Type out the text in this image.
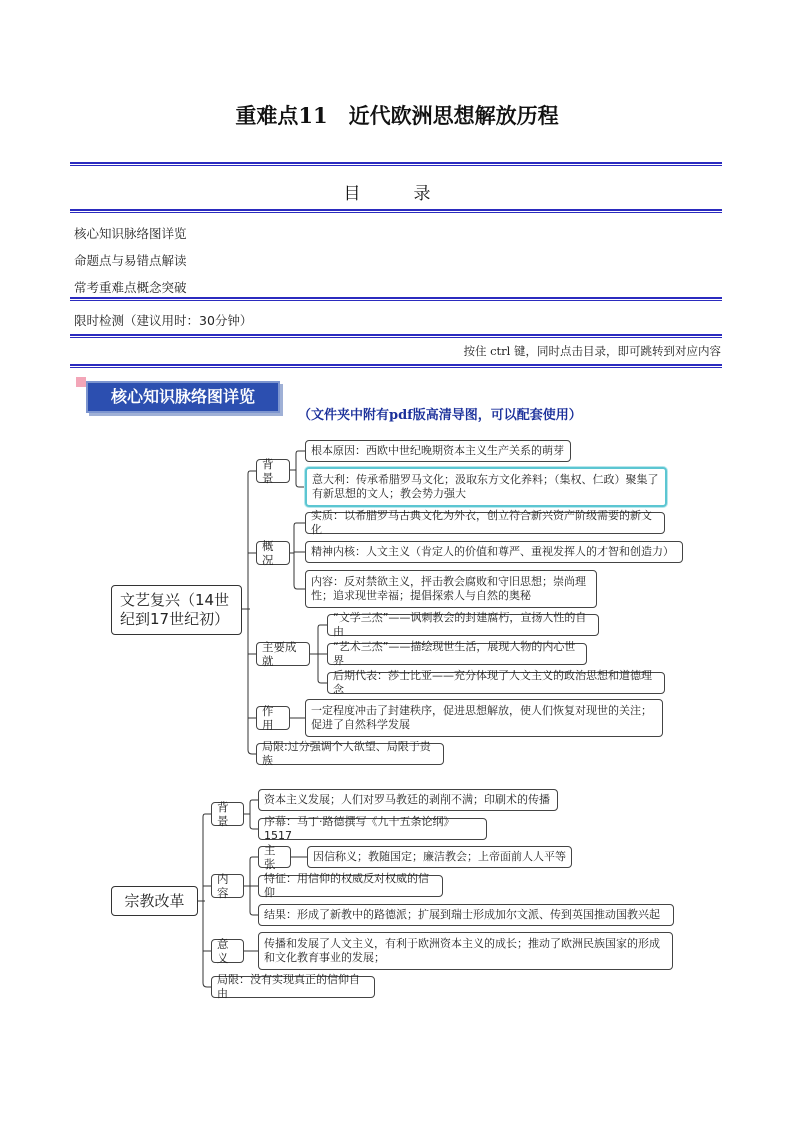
重难点11　近代欧洲思想解放历程
目　录
核心知识脉络图详览
命题点与易错点解读
常考重难点概念突破
限时检测（建议用时：30分钟）
按住 ctrl 键，同时点击目录，即可跳转到对应内容
核心知识脉络图详览
（文件夹中附有pdf版高清导图，可以配套使用）
文艺复兴（14世纪到17世纪初）
背景
根本原因：西欧中世纪晚期资本主义生产关系的萌芽
意大利：传承希腊罗马文化；汲取东方文化养料；（集权、仁政）聚集了有新思想的文人；教会势力强大
概况
实质：以希腊罗马古典文化为外衣，创立符合新兴资产阶级需要的新文化
精神内核：人文主义（肯定人的价值和尊严、重视发挥人的才智和创造力）
内容：反对禁欲主义，抨击教会腐败和守旧思想；崇尚理性；追求现世幸福；提倡探索人与自然的奥秘
主要成就
“文学三杰”——讽刺教会的封建腐朽，宣扬人性的自由
“艺术三杰”——描绘现世生活，展现人物的内心世界
后期代表：莎士比亚——充分体现了人文主义的政治思想和道德理念
作用
一定程度冲击了封建秩序，促进思想解放，使人们恢复对现世的关注；促进了自然科学发展
局限:过分强调个人欲望、局限于贵族
宗教改革
背景
资本主义发展；人们对罗马教廷的剥削不满；印刷术的传播
序幕：马丁·路德撰写《九十五条论纲》1517
内容
主张
因信称义；教随国定；廉洁教会；上帝面前人人平等
特征：用信仰的权威反对权威的信仰
结果：形成了新教中的路德派；扩展到瑞士形成加尔文派、传到英国推动国教兴起
意义
传播和发展了人文主义，有利于欧洲资本主义的成长；推动了欧洲民族国家的形成和文化教育事业的发展；
局限：没有实现真正的信仰自由
